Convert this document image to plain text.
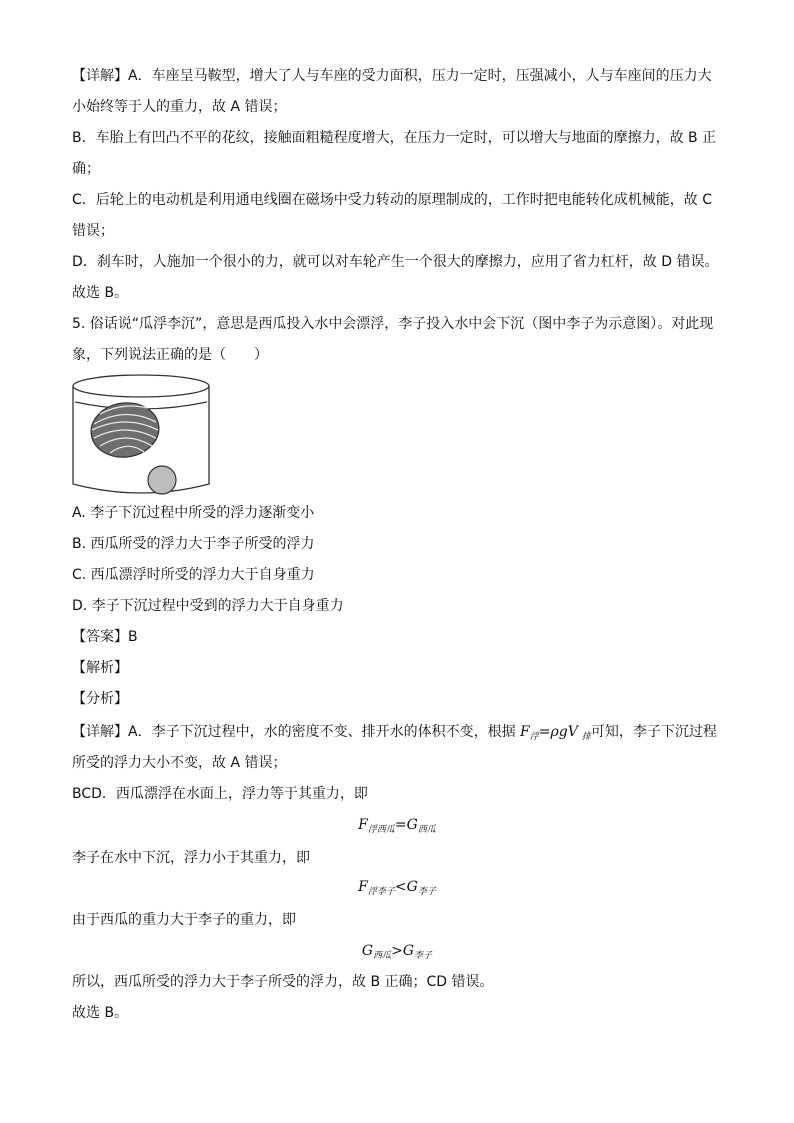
【详解】A．车座呈马鞍型，增大了人与车座的受力面积，压力一定时，压强减小，人与车座间的压力大
小始终等于人的重力，故 A 错误；
B．车胎上有凹凸不平的花纹，接触面粗糙程度增大，在压力一定时，可以增大与地面的摩擦力，故 B 正
确；
C．后轮上的电动机是利用通电线圈在磁场中受力转动的原理制成的，工作时把电能转化成机械能，故 C
错误；
D．刹车时，人施加一个很小的力，就可以对车轮产生一个很大的摩擦力，应用了省力杠杆，故 D 错误。
故选 B。
5. 俗话说“瓜浮李沉”，意思是西瓜投入水中会漂浮，李子投入水中会下沉（图中李子为示意图）。对此现
象，下列说法正确的是（　　）
A. 李子下沉过程中所受的浮力逐渐变小
B. 西瓜所受的浮力大于李子所受的浮力
C. 西瓜漂浮时所受的浮力大于自身重力
D. 李子下沉过程中受到的浮力大于自身重力
【答案】B
【解析】
【分析】
【详解】A．李子下沉过程中，水的密度不变、排开水的体积不变，根据 $F_浮=\rho gV$ $_排$可知，李子下沉过程
所受的浮力大小不变，故 A 错误；
BCD．西瓜漂浮在水面上，浮力等于其重力，即
$F_{浮西瓜}=G_{西瓜}$
李子在水中下沉，浮力小于其重力，即
$F_{浮李子}<G_{李子}$
由于西瓜的重力大于李子的重力，即
$G_{西瓜}>G_{李子}$
所以，西瓜所受的浮力大于李子所受的浮力，故 B 正确；CD 错误。
故选 B。
